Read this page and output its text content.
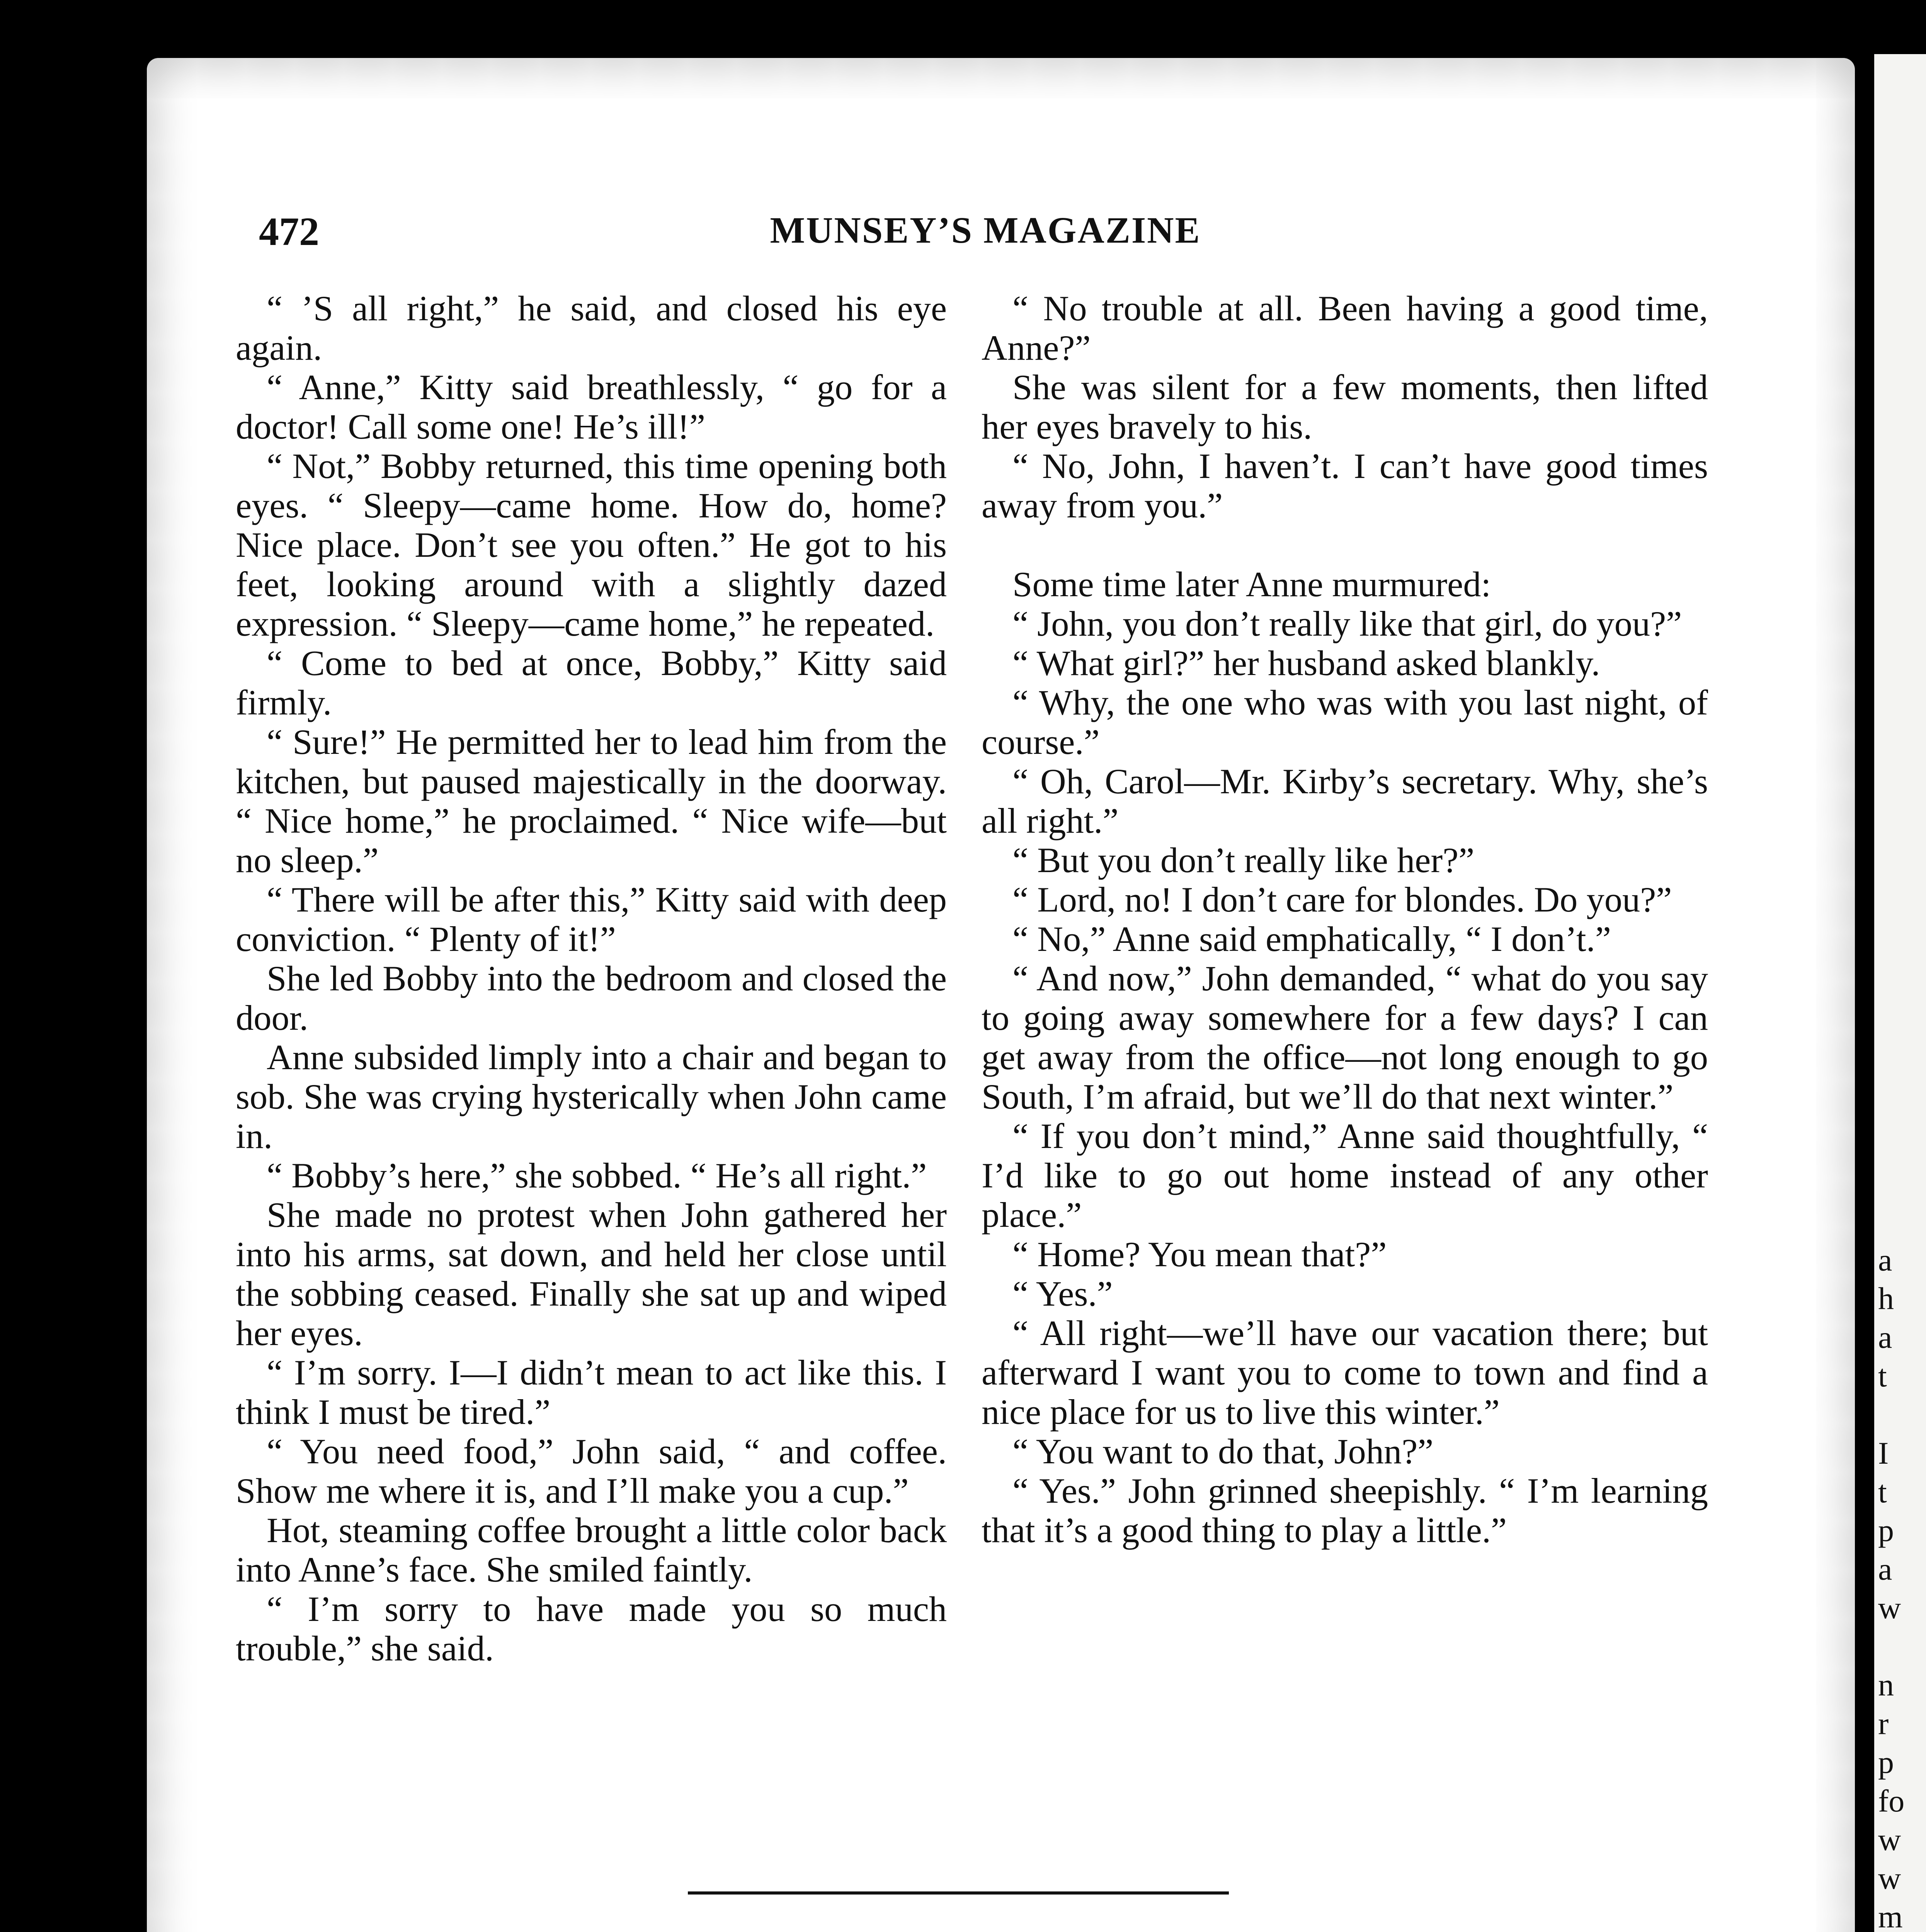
a
h
a
t
I
t
p
a
w
n
r
p
fo
w
w
m
472	MUNSEY’S MAGAZINE

“ ’S all right,” he said, and closed his eye again.

“ Anne,” Kitty said breathlessly, “ go for a doctor! Call some one! He’s ill!”

“ Not,” Bobby returned, this time opening both eyes. “ Sleepy—came home. How do, home? Nice place. Don’t see you often.” He got to his feet, looking around with a slightly dazed expression. “ Sleepy—came home,” he repeated.

“ Come to bed at once, Bobby,” Kitty said firmly.

“ Sure!” He permitted her to lead him from the kitchen, but paused majestically in the doorway. “ Nice home,” he proclaimed. “ Nice wife—but no sleep.”

“ There will be after this,” Kitty said with deep conviction. “ Plenty of it!”

She led Bobby into the bedroom and closed the door.

Anne subsided limply into a chair and began to sob. She was crying hysterically when John came in.

“ Bobby’s here,” she sobbed. “ He’s all right.”

She made no protest when John gathered her into his arms, sat down, and held her close until the sobbing ceased. Finally she sat up and wiped her eyes.

“ I’m sorry. I—I didn’t mean to act like this. I think I must be tired.”

“ You need food,” John said, “ and coffee. Show me where it is, and I’ll make you a cup.”

Hot, steaming coffee brought a little color back into Anne’s face. She smiled faintly.

“ I’m sorry to have made you so much trouble,” she said.

“ No trouble at all. Been having a good time, Anne?”

She was silent for a few moments, then lifted her eyes bravely to his.

“ No, John, I haven’t. I can’t have good times away from you.”

Some time later Anne murmured:

“ John, you don’t really like that girl, do you?”

“ What girl?” her husband asked blankly.

“ Why, the one who was with you last night, of course.”

“ Oh, Carol—Mr. Kirby’s secretary. Why, she’s all right.”

“ But you don’t really like her?”

“ Lord, no! I don’t care for blondes. Do you?”

“ No,” Anne said emphatically, “ I don’t.”

“ And now,” John demanded, “ what do you say to going away somewhere for a few days? I can get away from the office—not long enough to go South, I’m afraid, but we’ll do that next winter.”

“ If you don’t mind,” Anne said thoughtfully, “ I’d like to go out home instead of any other place.”

“ Home? You mean that?”

“ Yes.”

“ All right—we’ll have our vacation there; but afterward I want you to come to town and find a nice place for us to live this winter.”

“ You want to do that, John?”

“ Yes.” John grinned sheepishly. “ I’m learning that it’s a good thing to play a little.”
